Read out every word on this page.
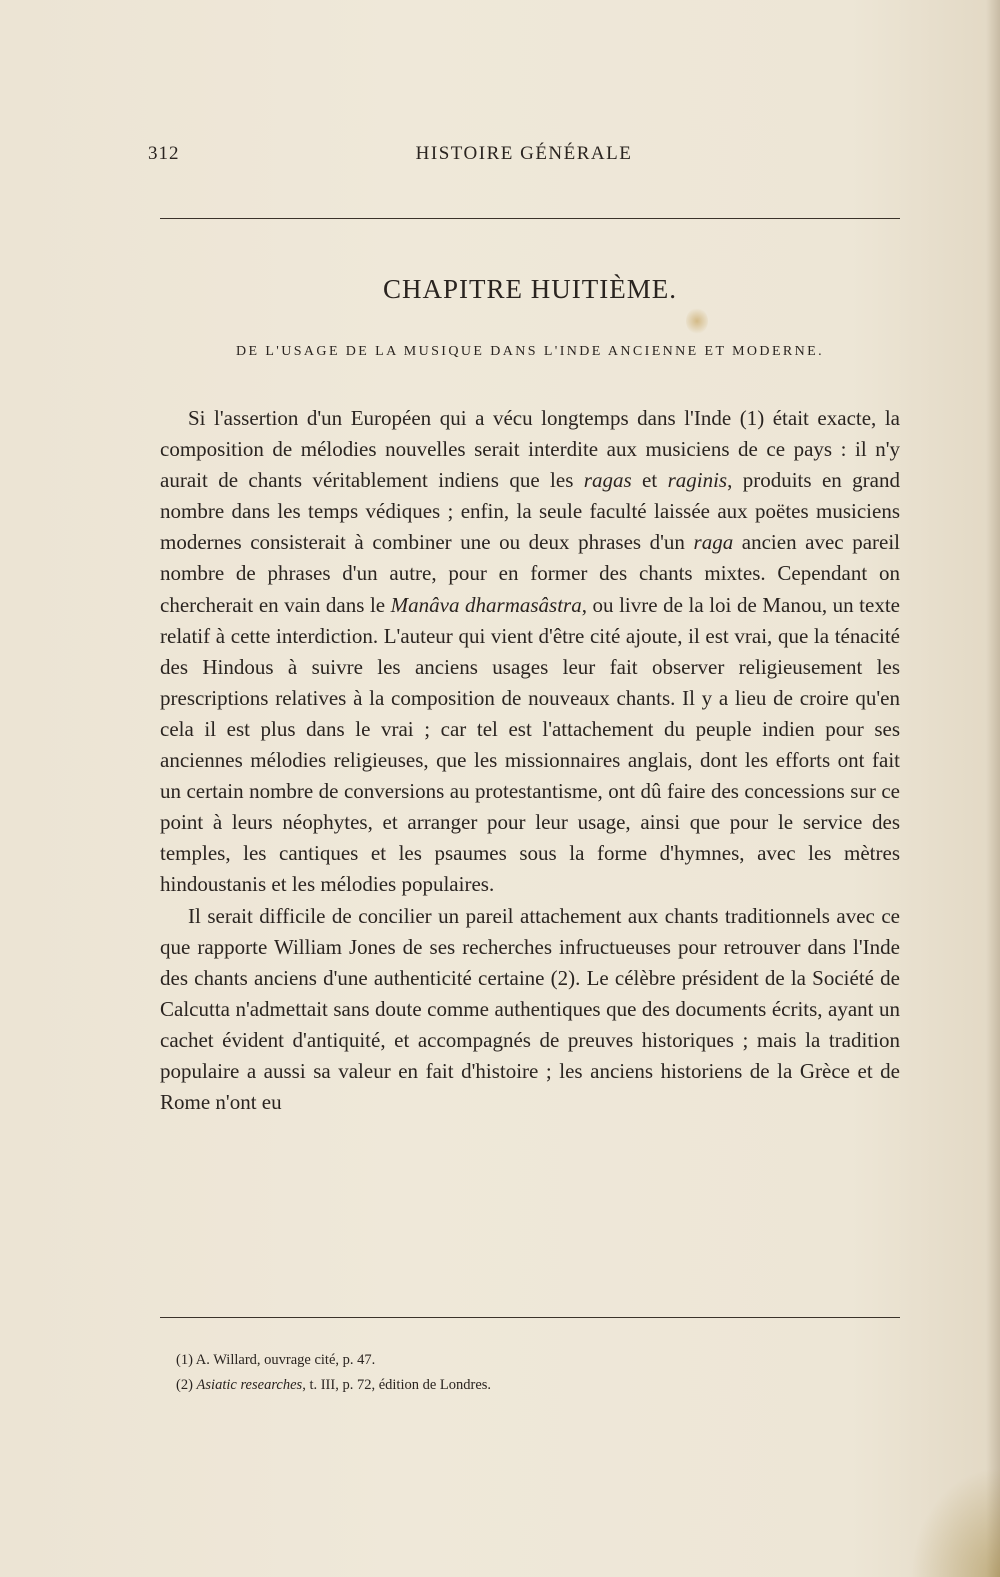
312	HISTOIRE GÉNÉRALE
CHAPITRE HUITIÈME.
DE L'USAGE DE LA MUSIQUE DANS L'INDE ANCIENNE ET MODERNE.

Si l'assertion d'un Européen qui a vécu longtemps dans l'Inde (1) était exacte, la composition de mélodies nouvelles serait interdite aux musiciens de ce pays : il n'y aurait de chants véritablement indiens que les ragas et raginis, produits en grand nombre dans les temps védiques ; enfin, la seule faculté laissée aux poëtes musiciens modernes consisterait à combiner une ou deux phrases d'un raga ancien avec pareil nombre de phrases d'un autre, pour en former des chants mixtes. Cependant on chercherait en vain dans le Manâva dharmasâstra, ou livre de la loi de Manou, un texte relatif à cette interdiction. L'auteur qui vient d'être cité ajoute, il est vrai, que la ténacité des Hindous à suivre les anciens usages leur fait observer religieusement les prescriptions relatives à la composition de nouveaux chants. Il y a lieu de croire qu'en cela il est plus dans le vrai ; car tel est l'attachement du peuple indien pour ses anciennes mélodies religieuses, que les missionnaires anglais, dont les efforts ont fait un certain nombre de conversions au protestantisme, ont dû faire des concessions sur ce point à leurs néophytes, et arranger pour leur usage, ainsi que pour le service des temples, les cantiques et les psaumes sous la forme d'hymnes, avec les mètres hindoustanis et les mélodies populaires.

Il serait difficile de concilier un pareil attachement aux chants traditionnels avec ce que rapporte William Jones de ses recherches infructueuses pour retrouver dans l'Inde des chants anciens d'une authenticité certaine (2). Le célèbre président de la Société de Calcutta n'admettait sans doute comme authentiques que des documents écrits, ayant un cachet évident d'antiquité, et accompagnés de preuves historiques ; mais la tradition populaire a aussi sa valeur en fait d'histoire ; les anciens historiens de la Grèce et de Rome n'ont eu

(1) A. Willard, ouvrage cité, p. 47.
(2) Asiatic researches, t. III, p. 72, édition de Londres.
